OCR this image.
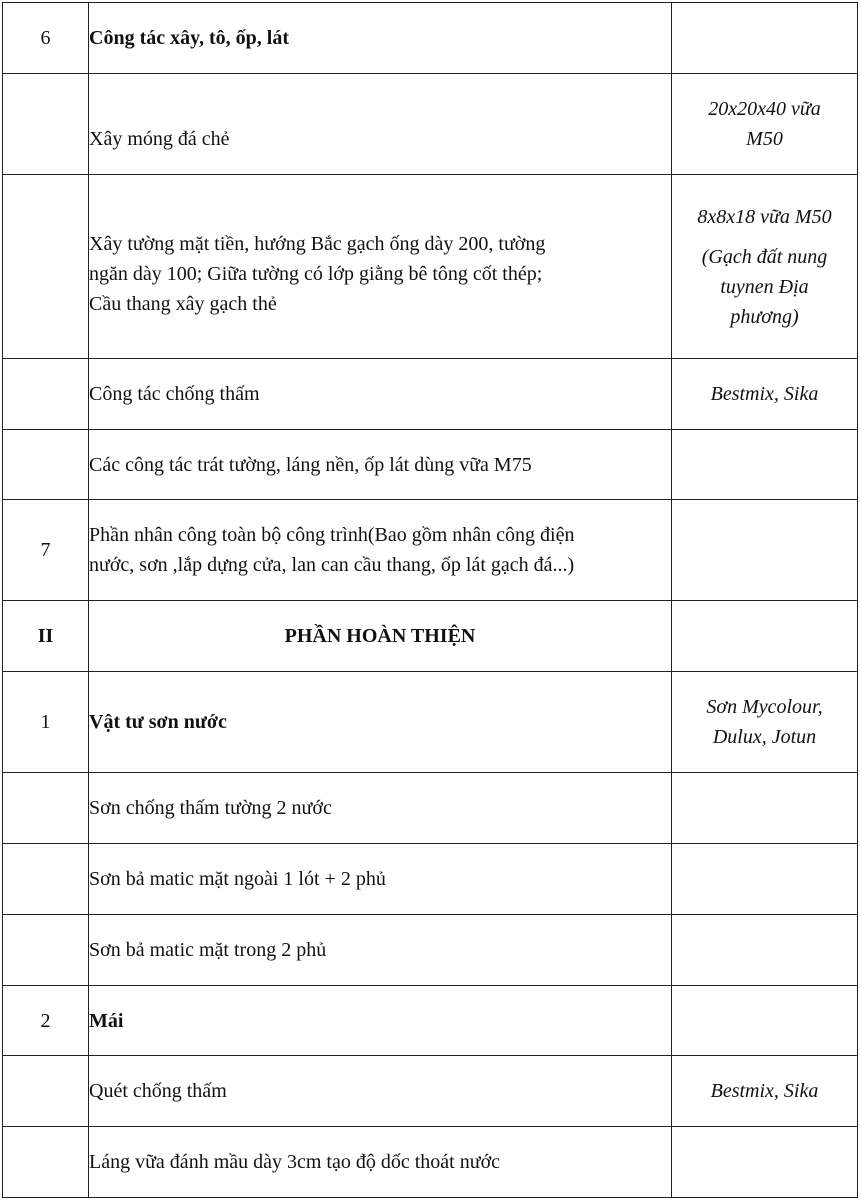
6	Công tác xây, tô, ốp, lát	
	Xây móng đá chẻ	20x20x40 vữa
M50

	Xây tường mặt tiền, hướng Bắc gạch ống dày 200, tường
ngăn dày 100; Giữa tường có lớp giằng bê tông cốt thép;
Cầu thang xây gạch thẻ	8x8x18 vữa M50
(Gạch đất nung
tuynen Địa
phương)

	Công tác chống thấm	Bestmix, Sika
	Các công tác trát tường, láng nền, ốp lát dùng vữa M75	
7	Phần nhân công toàn bộ công trình(Bao gồm nhân công điện
nước, sơn ,lắp dựng cửa, lan can cầu thang, ốp lát gạch đá...)	

II	PHẦN HOÀN THIỆN	
1	Vật tư sơn nước	Sơn Mycolour,
Dulux, Jotun

	Sơn chống thấm tường 2 nước	
	Sơn bả matic mặt ngoài 1 lót + 2 phủ	
	Sơn bả matic mặt trong 2 phủ	
2	Mái	
	Quét chống thấm	Bestmix, Sika
	Láng vữa đánh mầu dày 3cm tạo độ dốc thoát nước	
